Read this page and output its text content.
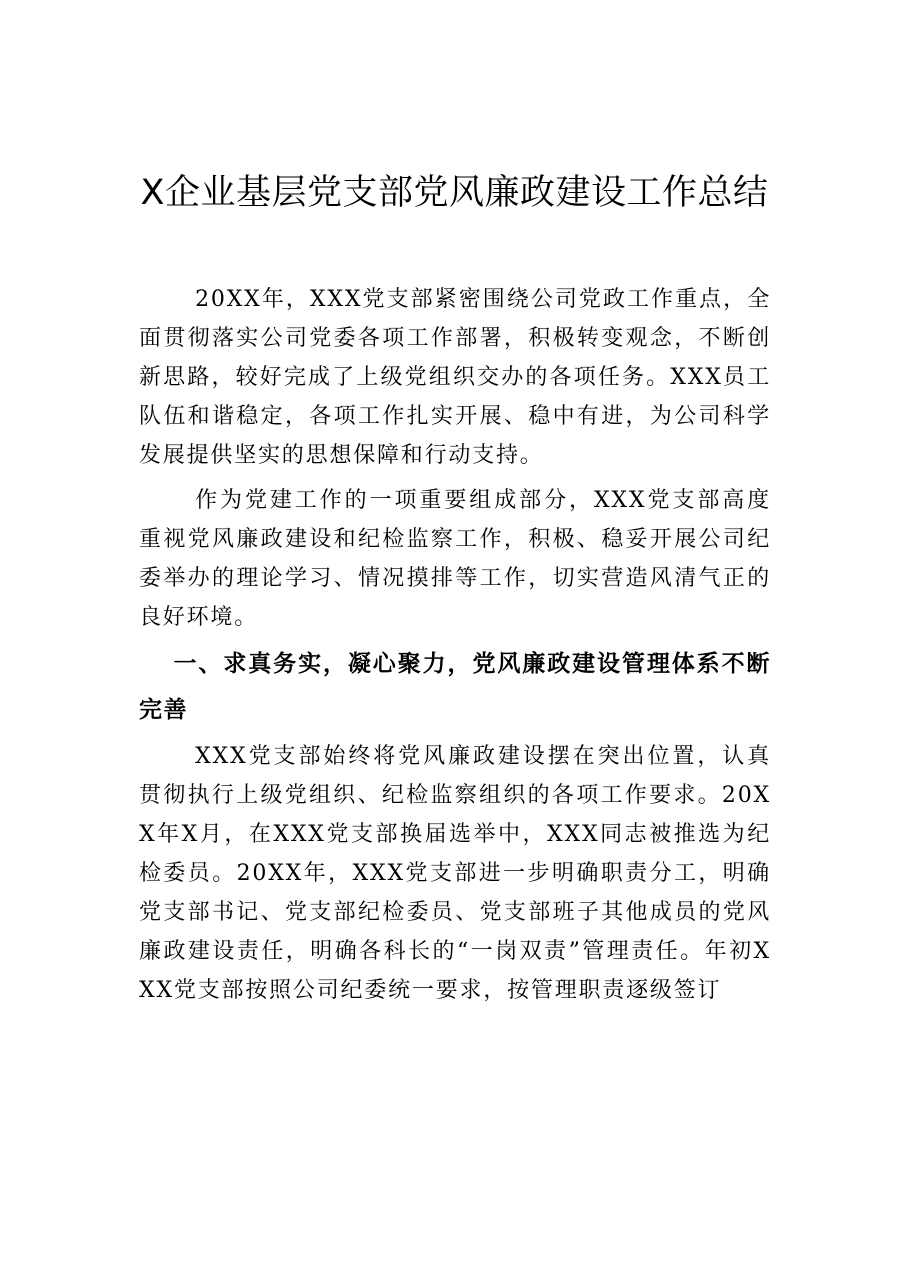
X企业基层党支部党风廉政建设工作总结

20XX年，XXX党支部紧密围绕公司党政工作重点，全面贯彻落实公司党委各项工作部署，积极转变观念，不断创新思路，较好完成了上级党组织交办的各项任务。XXX员工队伍和谐稳定，各项工作扎实开展、稳中有进，为公司科学发展提供坚实的思想保障和行动支持。

作为党建工作的一项重要组成部分，XXX党支部高度重视党风廉政建设和纪检监察工作，积极、稳妥开展公司纪委举办的理论学习、情况摸排等工作，切实营造风清气正的良好环境。

一、求真务实，凝心聚力，党风廉政建设管理体系不断完善

XXX党支部始终将党风廉政建设摆在突出位置，认真贯彻执行上级党组织、纪检监察组织的各项工作要求。20XX年X月，在XXX党支部换届选举中，XXX同志被推选为纪检委员。20XX年，XXX党支部进一步明确职责分工，明确党支部书记、党支部纪检委员、党支部班子其他成员的党风廉政建设责任，明确各科长的“一岗双责”管理责任。年初XXX党支部按照公司纪委统一要求，按管理职责逐级签订
